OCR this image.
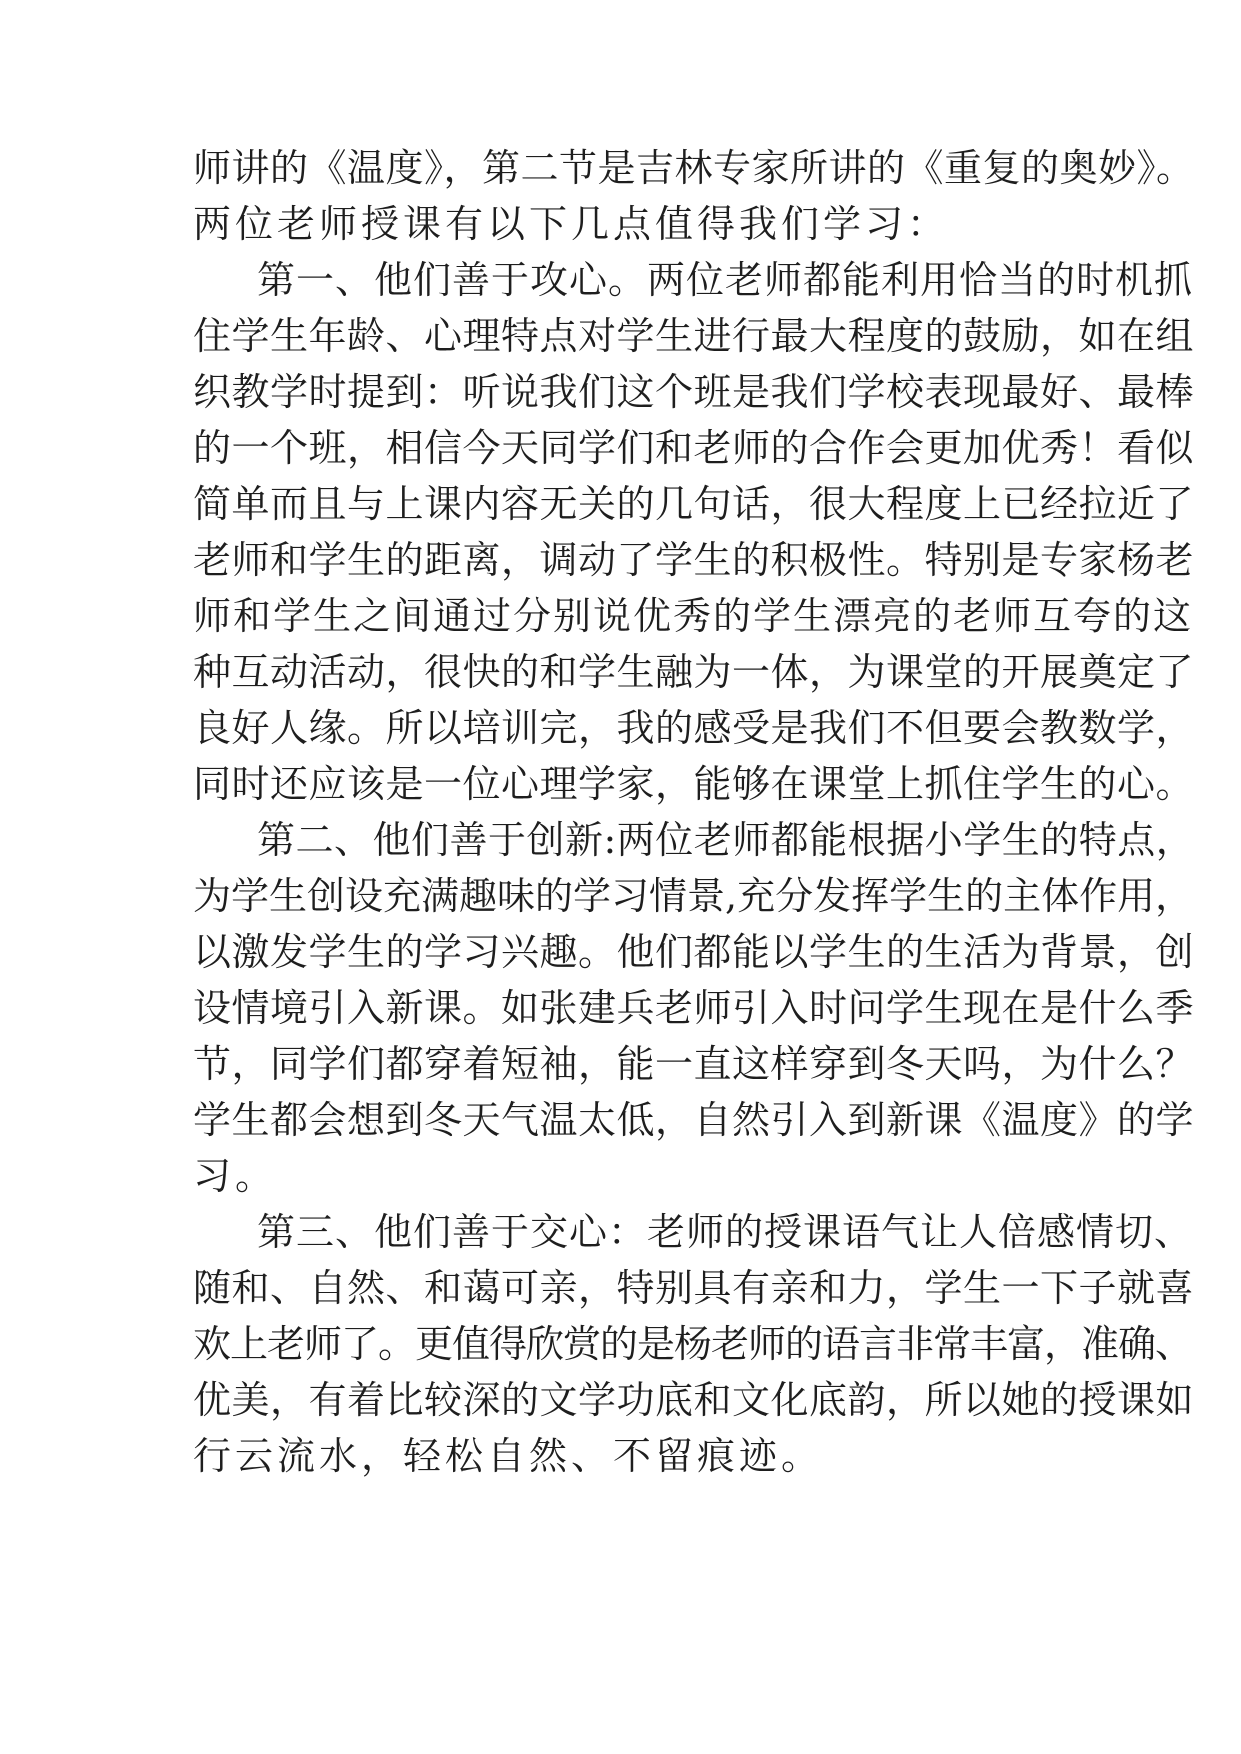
师讲的《温度》，第二节是吉林专家所讲的《重复的奥妙》。

两位老师授课有以下几点值得我们学习：

第一、他们善于攻心。两位老师都能利用恰当的时机抓

住学生年龄、心理特点对学生进行最大程度的鼓励，如在组

织教学时提到：听说我们这个班是我们学校表现最好、最棒

的一个班，相信今天同学们和老师的合作会更加优秀！看似

简单而且与上课内容无关的几句话，很大程度上已经拉近了

老师和学生的距离，调动了学生的积极性。特别是专家杨老

师和学生之间通过分别说优秀的学生漂亮的老师互夸的这

种互动活动，很快的和学生融为一体，为课堂的开展奠定了

良好人缘。所以培训完，我的感受是我们不但要会教数学，

同时还应该是一位心理学家，能够在课堂上抓住学生的心。

第二、他们善于创新:两位老师都能根据小学生的特点，

为学生创设充满趣味的学习情景,充分发挥学生的主体作用，

以激发学生的学习兴趣。他们都能以学生的生活为背景，创

设情境引入新课。如张建兵老师引入时问学生现在是什么季

节，同学们都穿着短袖，能一直这样穿到冬天吗，为什么？

学生都会想到冬天气温太低，自然引入到新课《温度》的学

习。

第三、他们善于交心：老师的授课语气让人倍感情切、

随和、自然、和蔼可亲，特别具有亲和力，学生一下子就喜

欢上老师了。更值得欣赏的是杨老师的语言非常丰富，准确、

优美，有着比较深的文学功底和文化底韵，所以她的授课如

行云流水，轻松自然、不留痕迹。
